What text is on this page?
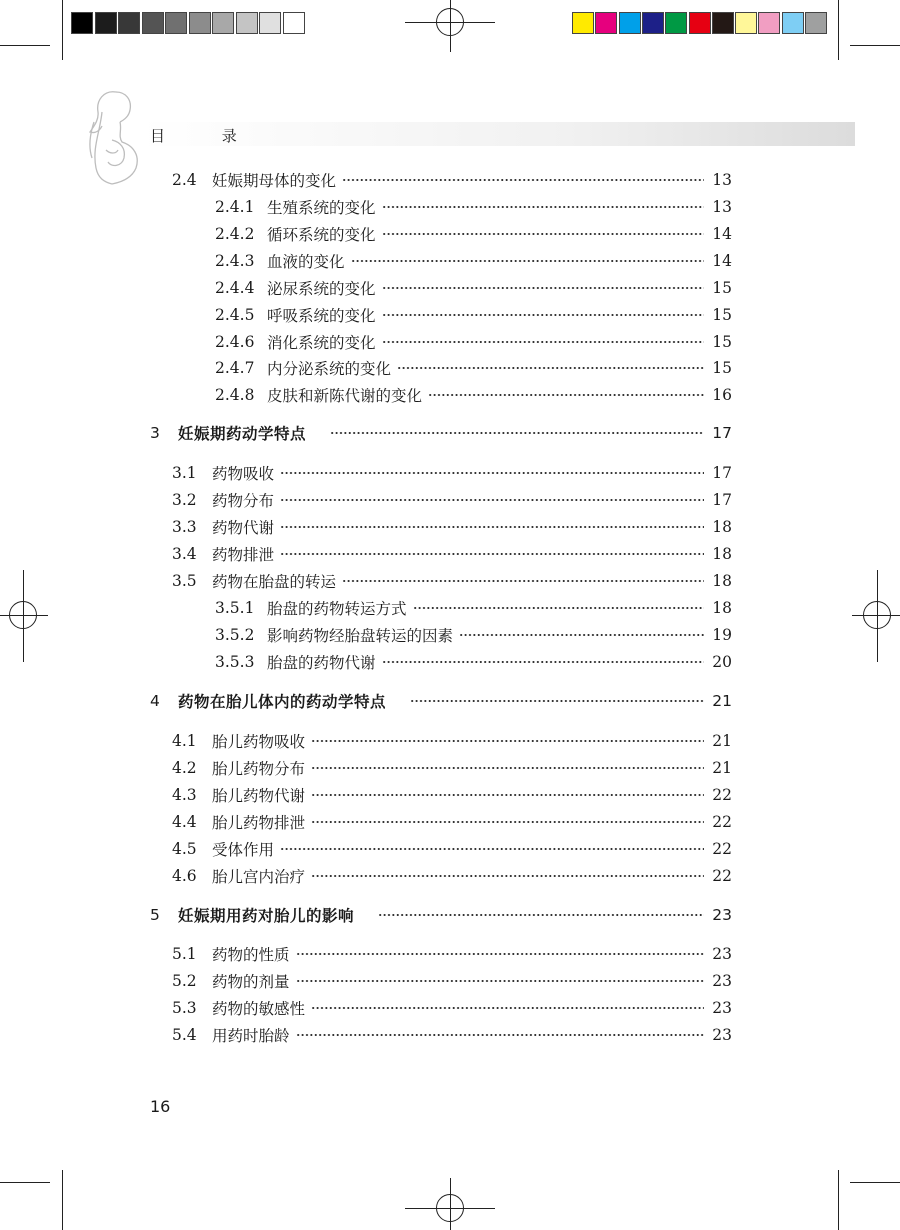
目 录
2.4 妊娠期母体的变化	13
2.4.1 生殖系统的变化	13
2.4.2 循环系统的变化	14
2.4.3 血液的变化	14
2.4.4 泌尿系统的变化	15
2.4.5 呼吸系统的变化	15
2.4.6 消化系统的变化	15
2.4.7 内分泌系统的变化	15
2.4.8 皮肤和新陈代谢的变化	16
3	妊娠期药动学特点	17
3.1 药物吸收	17
3.2 药物分布	17
3.3 药物代谢	18
3.4 药物排泄	18
3.5 药物在胎盘的转运	18
3.5.1 胎盘的药物转运方式	18
3.5.2 影响药物经胎盘转运的因素	19
3.5.3 胎盘的药物代谢	20
4	药物在胎儿体内的药动学特点	21
4.1 胎儿药物吸收	21
4.2 胎儿药物分布	21
4.3 胎儿药物代谢	22
4.4 胎儿药物排泄	22
4.5 受体作用	22
4.6 胎儿宫内治疗	22
5	妊娠期用药对胎儿的影响	23
5.1 药物的性质	23
5.2 药物的剂量	23
5.3 药物的敏感性	23
5.4 用药时胎龄	23
16
